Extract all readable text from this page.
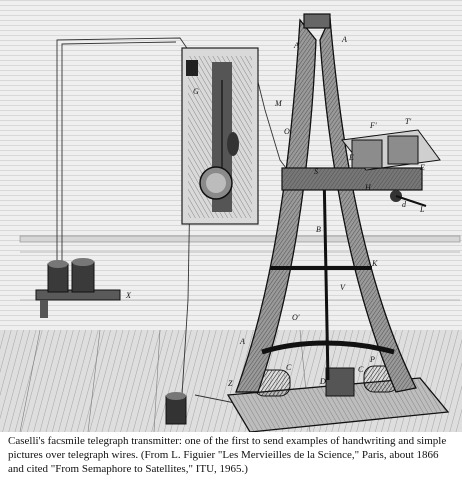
A
A
G
M
O
F'	T'
E
E
H
d
L
S
B
K
V
O'
X
C
D
C
P
Z
A
Caselli's facsmile telegraph transmitter: one of the first to send examples of handwriting and simple pictures over telegraph wires. (From L. Figuier "Les Mervieilles de la Science," Paris, about 1866 and cited "From Semaphore to Satellites," ITU, 1965.)
